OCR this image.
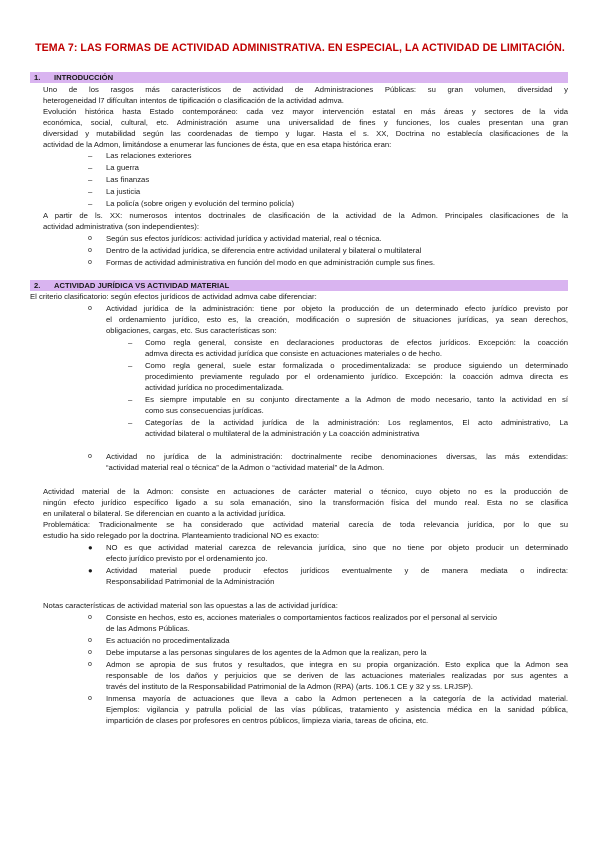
TEMA 7: LAS FORMAS DE ACTIVIDAD ADMINISTRATIVA. EN ESPECIAL, LA ACTIVIDAD DE LIMITACIÓN.
1. INTRODUCCIÓN
Uno de los rasgos más característicos de actividad de Administraciones Públicas: su gran volumen, diversidad y
heterogeneidad l7 difícultan intentos de tipificación o clasificación de la actividad admva.
Evolución histórica hasta Estado contemporáneo: cada vez mayor intervención estatal en más áreas y sectores de la vida
económica, social, cultural, etc. Administración asume una universalidad de fines y funciones, los cuales presentan una gran
diversidad y mutabilidad según las coordenadas de tiempo y lugar. Hasta el s. XX, Doctrina no establecía clasificaciones de la
actividad de la Admon, limitándose a enumerar las funciones de ésta, que en esa etapa histórica eran:
– Las relaciones exteriores
– La guerra
– Las finanzas
– La justicia
– La policía (sobre origen y evolución del termino policía)
A partir de ls. XX: numerosos intentos doctrinales de clasificación de la actividad de la Admon. Principales clasificaciones de la
actividad administrativa (son independientes):
o Según sus efectos jurídicos: actividad jurídica y actividad material, real o técnica.
o Dentro de la actividad jurídica, se diferencia entre actividad unilateral y bilateral o multilateral
o Formas de actividad administrativa en función del modo en que administración cumple sus fines.
2. ACTIVIDAD JURÍDICA VS ACTIVIDAD MATERIAL
El criterio clasificatorio: según efectos jurídicos de actividad admva cabe diferenciar:
o Actividad jurídica de la administración: tiene por objeto la producción de un determinado efecto jurídico previsto por
el ordenamiento jurídico, esto es, la creación, modificación o supresión de situaciones jurídicas, ya sean derechos,
obligaciones, cargas, etc. Sus características son:
– Como regla general, consiste en declaraciones productoras de efectos jurídicos. Excepción: la coacción
admva directa es actividad jurídica que consiste en actuaciones materiales o de hecho.
– Como regla general, suele estar formalizada o procedimentalizada: se produce siguiendo un determinado
procedimiento previamente regulado por el ordenamiento jurídico. Excepción: la coacción admva directa es
actividad jurídica no procedimentalizada.
– Es siempre imputable en su conjunto directamente a la Admon de modo necesario, tanto la actividad en sí
como sus consecuencias jurídicas.
– Categorías de la actividad jurídica de la administración: Los reglamentos, El acto administrativo, La
actividad bilateral o multilateral de la administración y La coacción administrativa
o Actividad no jurídica de la administración: doctrinalmente recibe denominaciones diversas, las más extendidas:
“actividad material real o técnica” de la Admon o “actividad material” de la Admon.
Actividad material de la Admon: consiste en actuaciones de carácter material o técnico, cuyo objeto no es la producción de
ningún efecto jurídico específico ligado a su sola emanación, sino la transformación física del mundo real. Esta no se clasifica
en unilateral o bilateral. Se diferencian en cuanto a la actividad jurídica.
Problemática: Tradicionalmente se ha considerado que actividad material carecía de toda relevancia jurídica, por lo que su
estudio ha sido relegado por la doctrina. Planteamiento tradicional NO es exacto:
● NO es que actividad material carezca de relevancia jurídica, sino que no tiene por objeto producir un determinado
efecto jurídico previsto por el ordenamiento jco.
● Actividad material puede producir efectos jurídicos eventualmente y de manera mediata o indirecta:
Responsabilidad Patrimonial de la Administración
Notas características de actividad material son las opuestas a las de actividad jurídica:
o Consiste en hechos, esto es, acciones materiales o comportamientos facticos realizados por el personal al servicio
de las Admons Públicas.
o Es actuación no procedimentalizada
o Debe imputarse a las personas singulares de los agentes de la Admon que la realizan, pero la
o Admon se apropia de sus frutos y resultados, que integra en su propia organización. Esto explica que la Admon sea
responsable de los daños y perjuicios que se deriven de las actuaciones materiales realizadas por sus agentes a
través del instituto de la Responsabilidad Patrimonial de la Admon (RPA) (arts. 106.1 CE y 32 y ss. LRJSP).
o Inmensa mayoría de actuaciones que lleva a cabo la Admon pertenecen a la categoría de la actividad material.
Ejemplos: vigilancia y patrulla policial de las vías públicas, tratamiento y asistencia médica en la sanidad pública,
impartición de clases por profesores en centros públicos, limpieza viaria, tareas de oficina, etc.
